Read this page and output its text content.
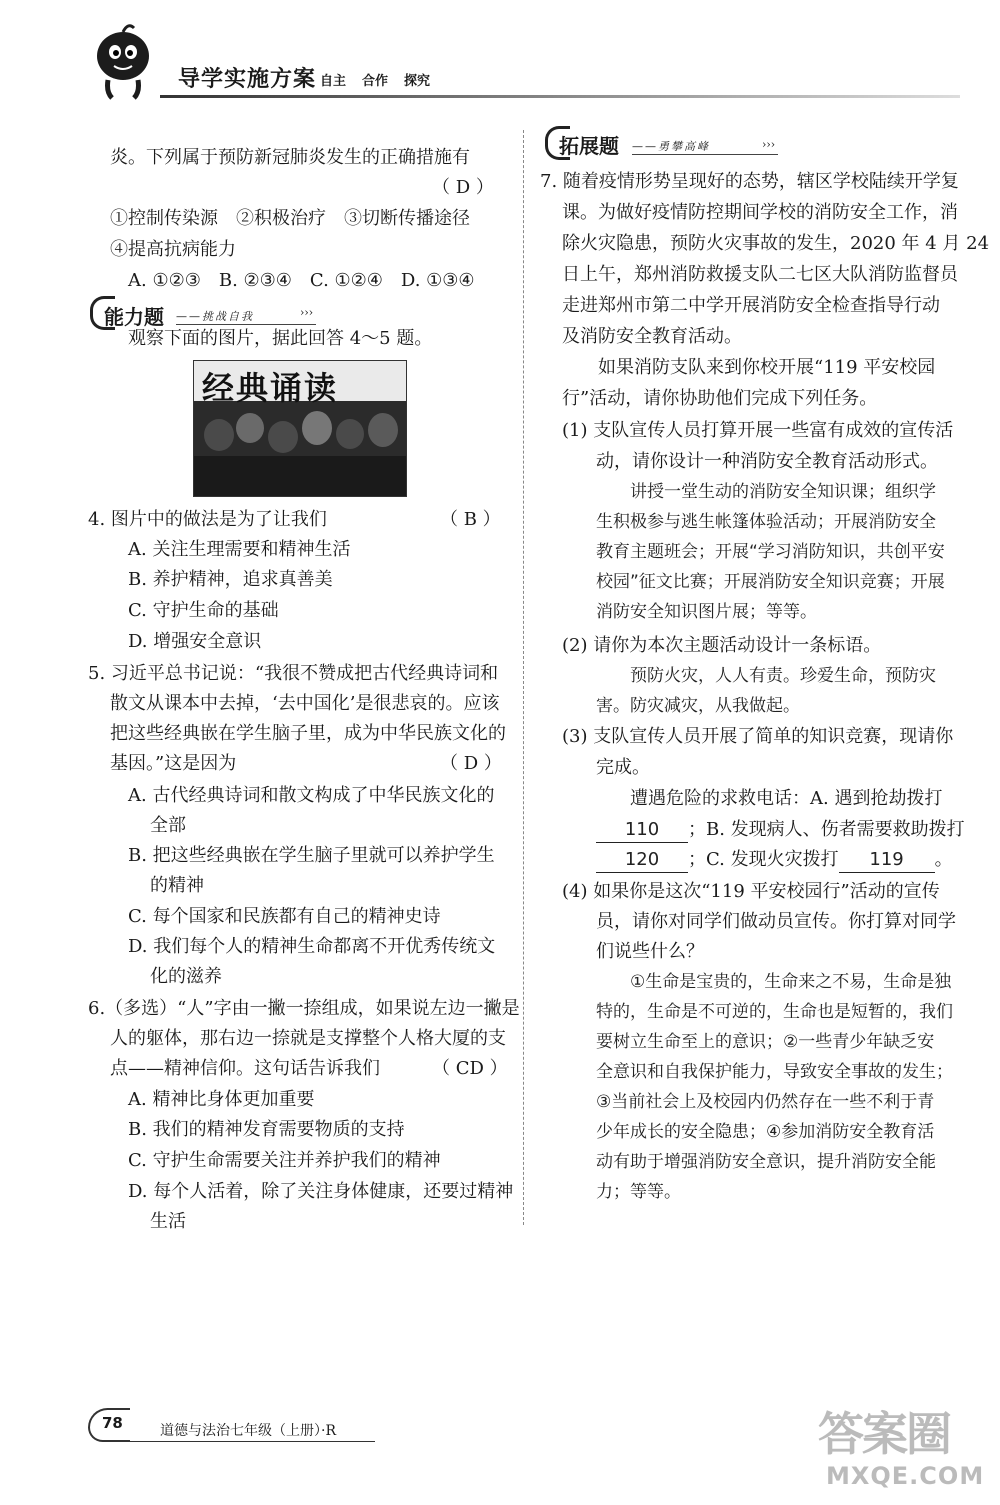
导学实施方案 自主 合作 探究
炎。下列属于预防新冠肺炎发生的正确措施有
（ D ）
①控制传染源　②积极治疗　③切断传播途径
④提高抗病能力
A. ①②③　B. ②③④　C. ①②④　D. ①③④
能力题 ——挑战自我	›››
观察下面的图片，据此回答 4～5 题。
经典诵读
4. 图片中的做法是为了让我们	（ B ）
A. 关注生理需要和精神生活
B. 养护精神，追求真善美
C. 守护生命的基础
D. 增强安全意识
5. 习近平总书记说：“我很不赞成把古代经典诗词和
散文从课本中去掉，‘去中国化’是很悲哀的。应该
把这些经典嵌在学生脑子里，成为中华民族文化的
基因。”这是因为	（ D ）
A. 古代经典诗词和散文构成了中华民族文化的
全部
B. 把这些经典嵌在学生脑子里就可以养护学生
的精神
C. 每个国家和民族都有自己的精神史诗
D. 我们每个人的精神生命都离不开优秀传统文
化的滋养
6.（多选）“人”字由一撇一捺组成，如果说左边一撇是
人的躯体，那右边一捺就是支撑整个人格大厦的支
点——精神信仰。这句话告诉我们	（ CD ）
A. 精神比身体更加重要
B. 我们的精神发育需要物质的支持
C. 守护生命需要关注并养护我们的精神
D. 每个人活着，除了关注身体健康，还要过精神
生活
拓展题 ——勇攀高峰	›››
7. 随着疫情形势呈现好的态势，辖区学校陆续开学复
课。为做好疫情防控期间学校的消防安全工作，消
除火灾隐患，预防火灾事故的发生，2020 年 4 月 24
日上午，郑州消防救援支队二七区大队消防监督员
走进郑州市第二中学开展消防安全检查指导行动
及消防安全教育活动。
如果消防支队来到你校开展“119 平安校园
行”活动，请你协助他们完成下列任务。
(1) 支队宣传人员打算开展一些富有成效的宣传活
动，请你设计一种消防安全教育活动形式。
讲授一堂生动的消防安全知识课；组织学
生积极参与逃生帐篷体验活动；开展消防安全
教育主题班会；开展“学习消防知识，共创平安
校园”征文比赛；开展消防安全知识竞赛；开展
消防安全知识图片展；等等。
(2) 请你为本次主题活动设计一条标语。
预防火灾，人人有责。珍爱生命，预防灾
害。防灾减灾，从我做起。
(3) 支队宣传人员开展了简单的知识竞赛，现请你
完成。
遭遇危险的求救电话：A. 遇到抢劫拨打
110 ；B. 发现病人、伤者需要救助拨打
120 ；C. 发现火灾拨打 119 。
(4) 如果你是这次“119 平安校园行”活动的宣传
员，请你对同学们做动员宣传。你打算对同学
们说些什么？
①生命是宝贵的，生命来之不易，生命是独
特的，生命是不可逆的，生命也是短暂的，我们
要树立生命至上的意识；②一些青少年缺乏安
全意识和自我保护能力，导致安全事故的发生；
③当前社会上及校园内仍然存在一些不利于青
少年成长的安全隐患；④参加消防安全教育活
动有助于增强消防安全意识，提升消防安全能
力；等等。
78	道德与法治七年级（上册）·R	答案圈
MXQE.COM
